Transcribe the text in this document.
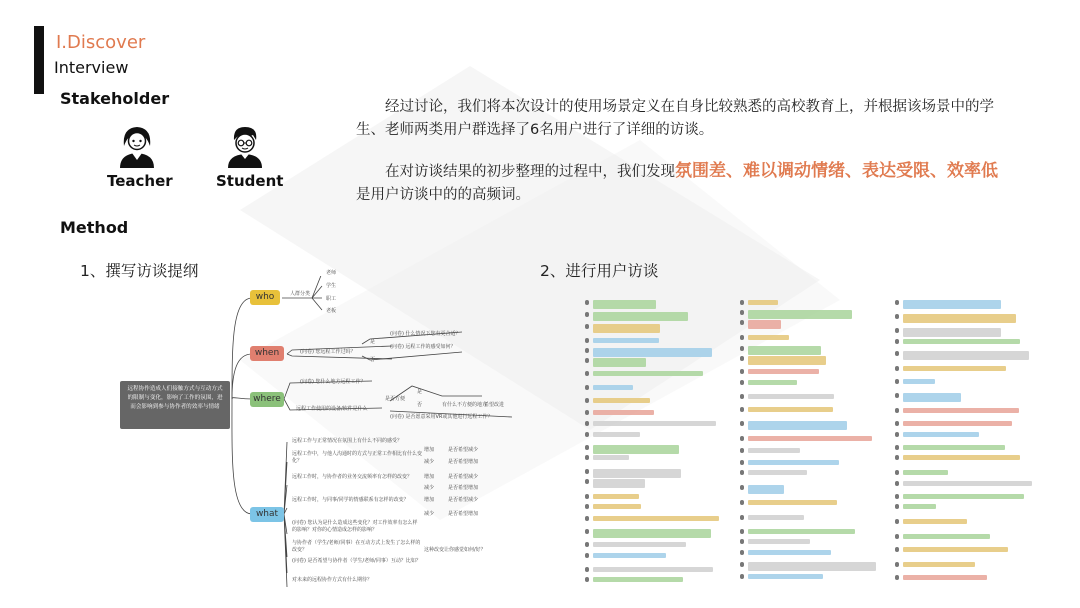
Ⅰ.Discover
Interview
Stakeholder
Teacher	Student
经过讨论，我们将本次设计的使用场景定义在自身比较熟悉的高校教育上，并根据该场景中的学生、老师两类用户群选择了6名用户进行了详细的访谈。
在对访谈结果的初步整理的过程中，我们发现氛围差、难以调动情绪、表达受限、效率低是用户访谈中的的高频词。
Method
1、撰写访谈提纲	2、进行用户访谈
远程协作造成人们接触方式与互动方式的限制与变化，影响了工作的氛围，进而会影响到参与协作者的效率与情绪
who
when
where
what
人群分类
老师
学生
职工
老板
(问卷) 您远程工作过吗？
是
否
(问卷) 什么情况下您有更合适？
(问卷) 远程工作的感受如何？
(问卷) 您什么地方远程工作？
远程工作使用的设备/软件是什么
是否方便
是
否	有什么不方便的地方
希望改进
(问卷) 是否愿意采用VR或其他进行远程工作？
远程工作与正常情况在氛围上有什么不同的感受？
远程工作中，与他人沟通时的方式与正常工作相比有什么变化？
远程工作时，与协作者的业务交流频率有怎样的改变？
远程工作时，与同事/同学的情感联系有怎样的改变？
(问卷) 您认为是什么造成这些变化？对工作效率有怎么样的影响？对你的心情造成怎样的影响？
与协作者（学生/老师/同事）在互动方式上发生了怎么样的改变？
(问卷) 是否希望与协作者（学生/老师/同事）互动？比如？
对未来的远程协作方式有什么期待？
增加
减少
增加
减少
增加
减少
是否希望减少
是否希望增加
是否希望减少
是否希望增加
是否希望减少
是否希望增加
这种改变让你感觉如何/好？
